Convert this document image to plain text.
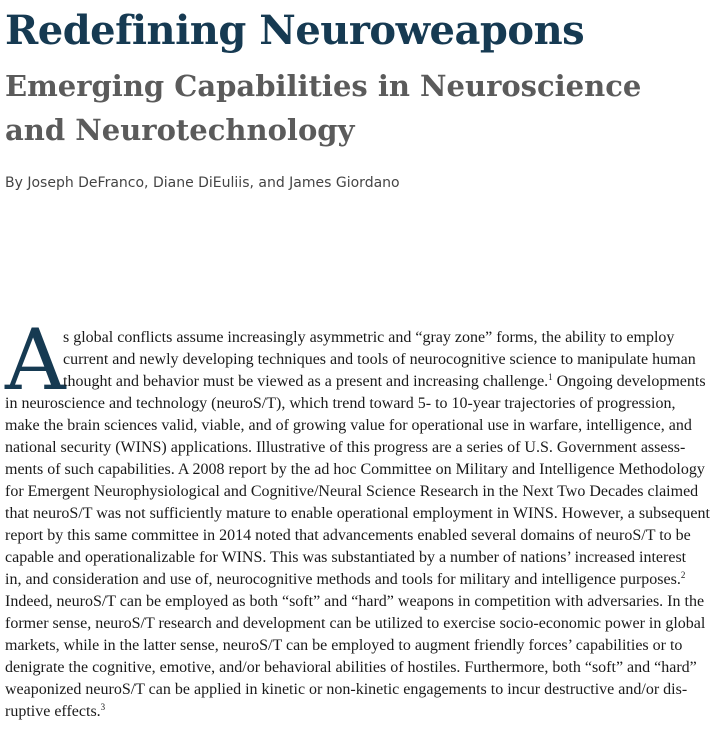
Redefining Neuroweapons
Emerging Capabilities in Neuroscience
and Neurotechnology

By Joseph DeFranco, Diane DiEuliis, and James Giordano

A
s global conflicts assume increasingly asymmetric and “gray zone” forms, the ability to employ
current and newly developing techniques and tools of neurocognitive science to manipulate human
thought and behavior must be viewed as a present and increasing challenge.$^1$ Ongoing developments
in neuroscience and technology (neuroS/T), which trend toward 5- to 10-year trajectories of progression,
make the brain sciences valid, viable, and of growing value for operational use in warfare, intelligence, and
national security (WINS) applications. Illustrative of this progress are a series of U.S. Government assess-
ments of such capabilities. A 2008 report by the ad hoc Committee on Military and Intelligence Methodology
for Emergent Neurophysiological and Cognitive/Neural Science Research in the Next Two Decades claimed
that neuroS/T was not sufficiently mature to enable operational employment in WINS. However, a subsequent
report by this same committee in 2014 noted that advancements enabled several domains of neuroS/T to be
capable and operationalizable for WINS. This was substantiated by a number of nations’ increased interest
in, and consideration and use of, neurocognitive methods and tools for military and intelligence purposes.$^2$
Indeed, neuroS/T can be employed as both “soft” and “hard” weapons in competition with adversaries. In the
former sense, neuroS/T research and development can be utilized to exercise socio-economic power in global
markets, while in the latter sense, neuroS/T can be employed to augment friendly forces’ capabilities or to
denigrate the cognitive, emotive, and/or behavioral abilities of hostiles. Furthermore, both “soft” and “hard”
weaponized neuroS/T can be applied in kinetic or non-kinetic engagements to incur destructive and/or dis-
ruptive effects.$^3$
